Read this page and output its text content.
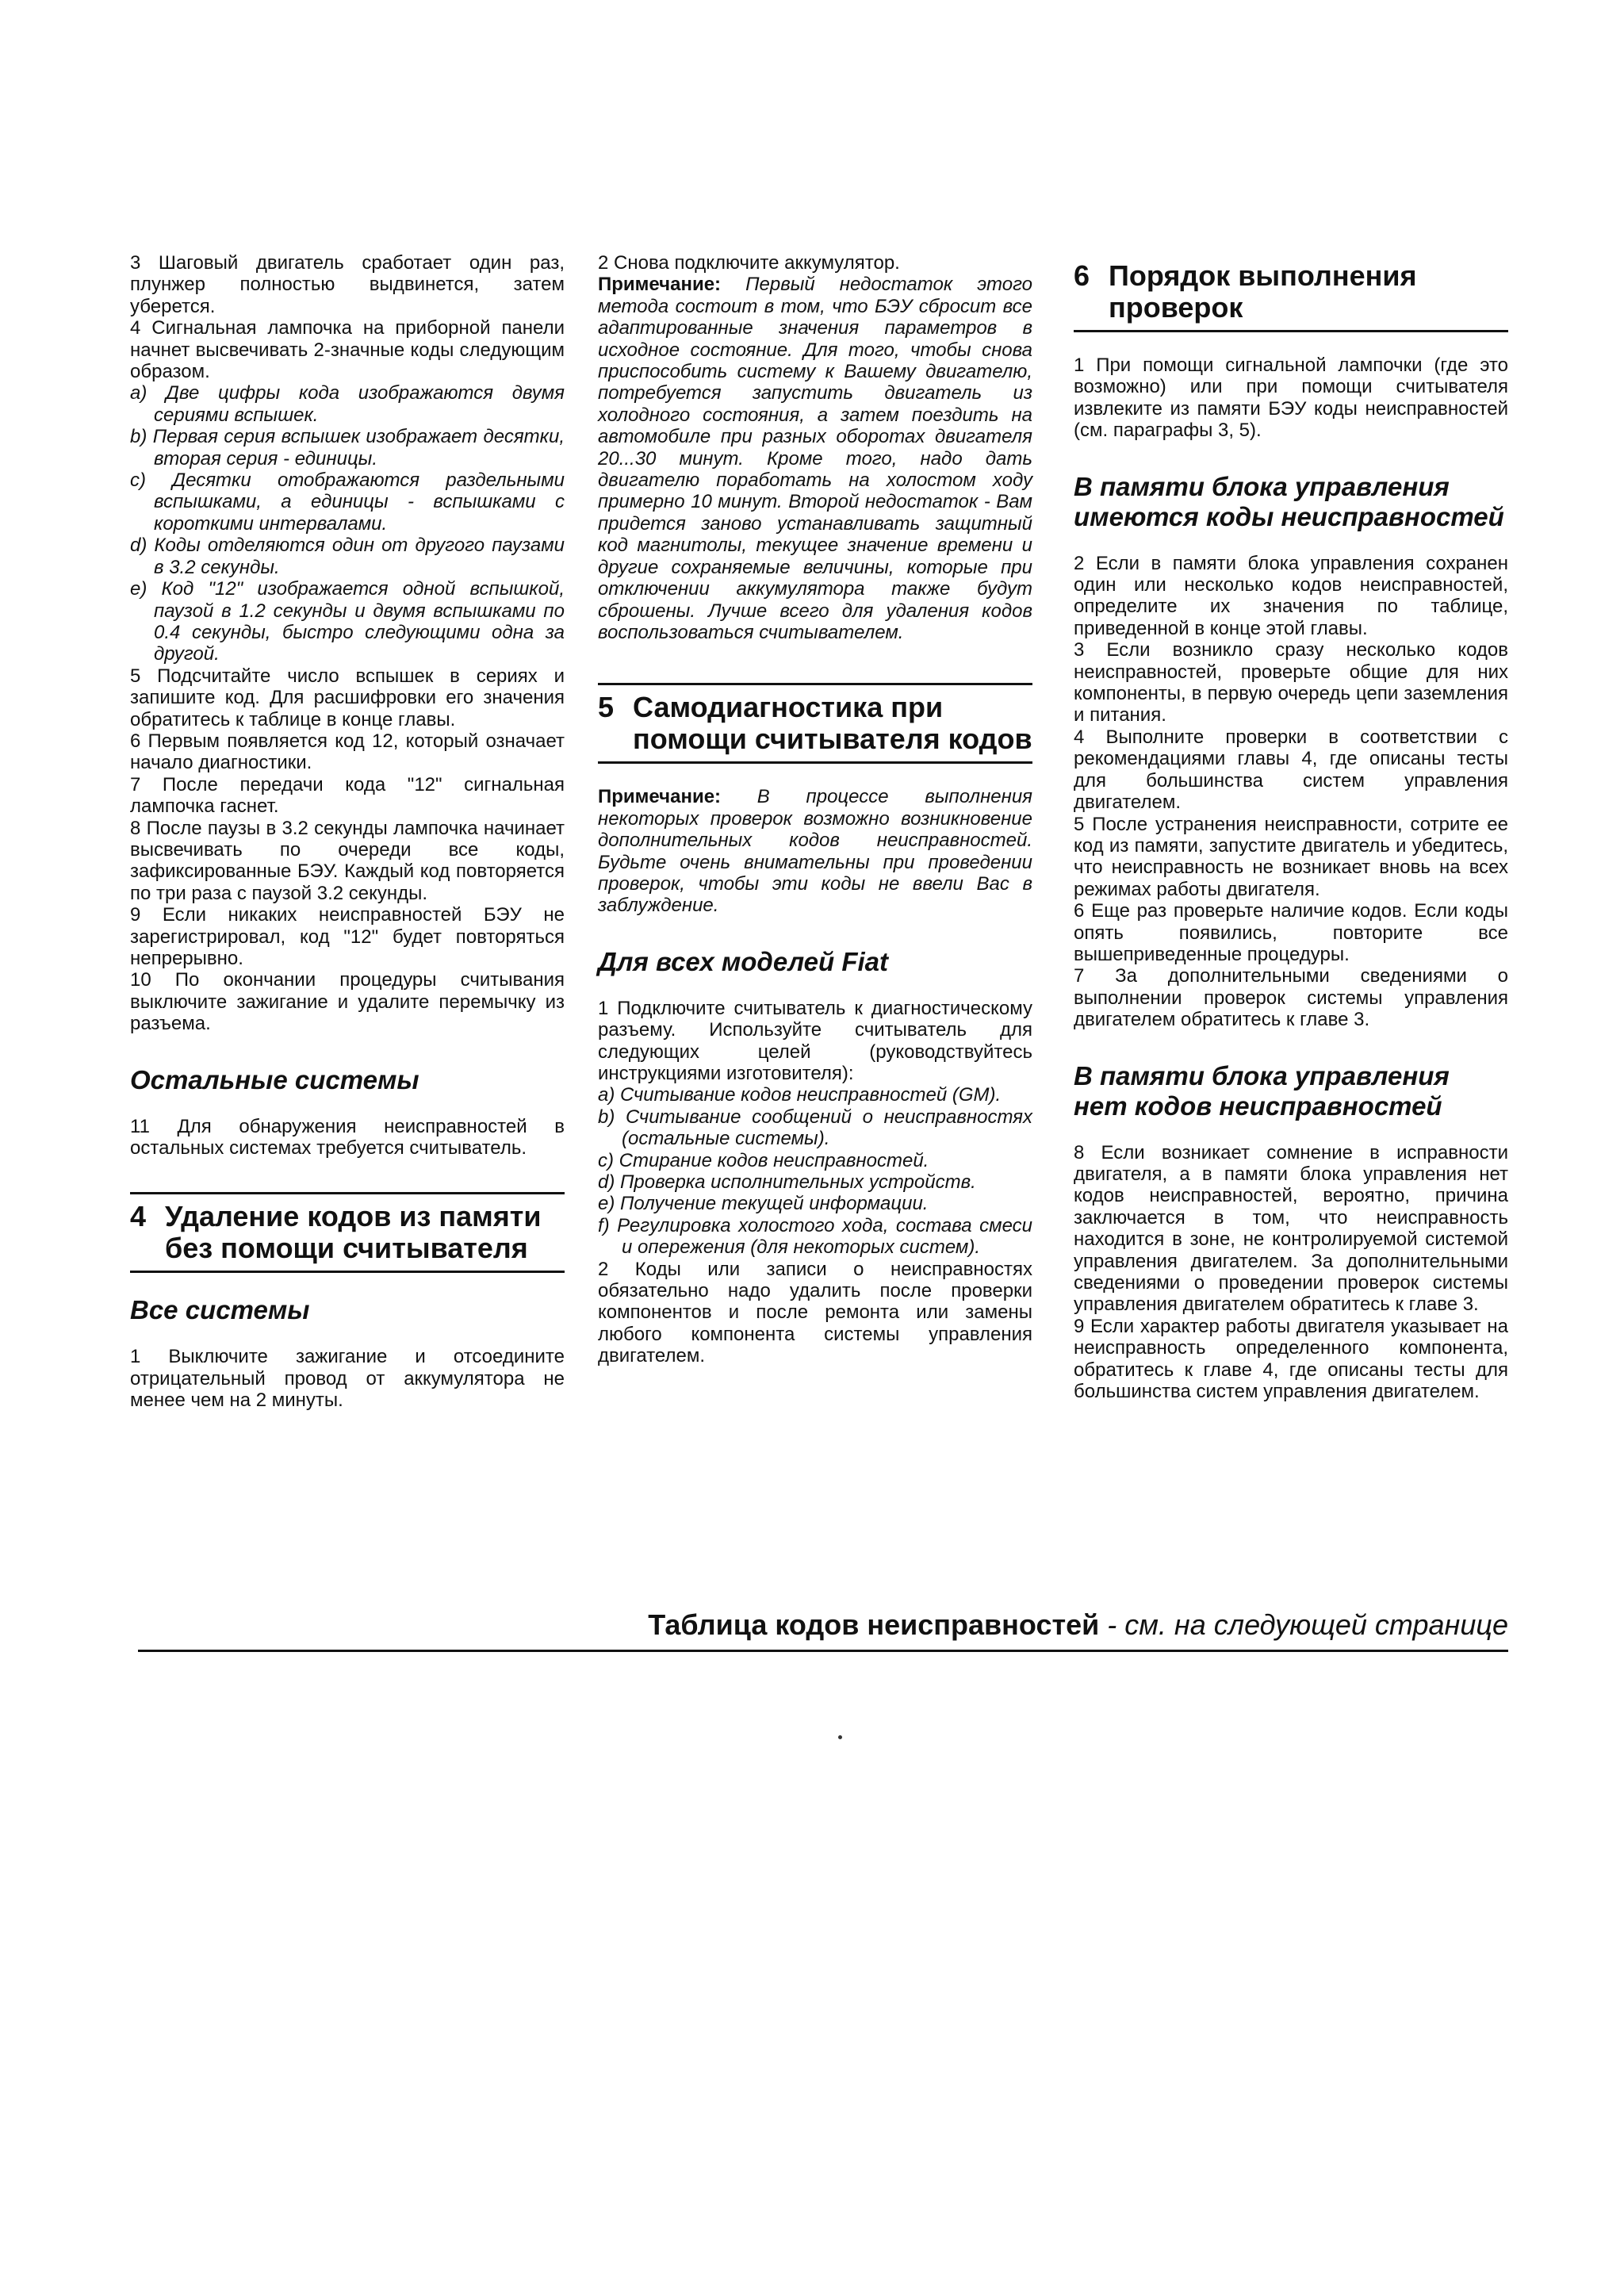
3 Шаговый двигатель сработает один раз, плунжер полностью выдвинется, затем уберется.

4 Сигнальная лампочка на приборной панели начнет высвечивать 2-значные коды следующим образом.

a) Две цифры кода изображаются двумя сериями вспышек.

b) Первая серия вспышек изображает десятки, вторая серия - единицы.

c) Десятки отображаются раздельными вспышками, а единицы - вспышками с короткими интервалами.

d) Коды отделяются один от другого паузами в 3.2 секунды.

e) Код "12" изображается одной вспышкой, паузой в 1.2 секунды и двумя вспышками по 0.4 секунды, быстро следующими одна за другой.

5 Подсчитайте число вспышек в сериях и запишите код. Для расшифровки его значения обратитесь к таблице в конце главы.

6 Первым появляется код 12, который означает начало диагностики.

7 После передачи кода "12" сигнальная лампочка гаснет.

8 После паузы в 3.2 секунды лампочка начинает высвечивать по очереди все коды, зафиксированные БЭУ. Каждый код повторяется по три раза с паузой 3.2 секунды.

9 Если никаких неисправностей БЭУ не зарегистрировал, код "12" будет повторяться непрерывно.

10 По окончании процедуры считывания выключите зажигание и удалите перемычку из разъема.

Остальные системы

11 Для обнаружения неисправностей в остальных системах требуется считыватель.

4 Удаление кодов из памяти без помощи считывателя
Все системы

1 Выключите зажигание и отсоедините отрицательный провод от аккумулятора не менее чем на 2 минуты.

2 Снова подключите аккумулятор.

Примечание: Первый недостаток этого метода состоит в том, что БЭУ сбросит все адаптированные значения параметров в исходное состояние. Для того, чтобы снова приспособить систему к Вашему двигателю, потребуется запустить двигатель из холодного состояния, а затем поездить на автомобиле при разных оборотах двигателя 20...30 минут. Кроме того, надо дать двигателю поработать на холостом ходу примерно 10 минут. Второй недостаток - Вам придется заново устанавливать защитный код магнитолы, текущее значение времени и другие сохраняемые величины, которые при отключении аккумулятора также будут сброшены. Лучше всего для удаления кодов воспользоваться считывателем.

5 Самодиагностика при помощи считывателя кодов

Примечание: В процессе выполнения некоторых проверок возможно возникновение дополнительных кодов неисправностей. Будьте очень внимательны при проведении проверок, чтобы эти коды не ввели Вас в заблуждение.

Для всех моделей Fiat

1 Подключите считыватель к диагностическому разъему. Используйте считыватель для следующих целей (руководствуйтесь инструкциями изготовителя):

a) Считывание кодов неисправностей (GM).

b) Считывание сообщений о неисправностях (остальные системы).

c) Стирание кодов неисправностей.

d) Проверка исполнительных устройств.

e) Получение текущей информации.

f) Регулировка холостого хода, состава смеси и опережения (для некоторых систем).

2 Коды или записи о неисправностях обязательно надо удалить после проверки компонентов и после ремонта или замены любого компонента системы управления двигателем.

6 Порядок выполнения проверок

1 При помощи сигнальной лампочки (где это возможно) или при помощи считывателя извлеките из памяти БЭУ коды неисправностей (см. параграфы 3, 5).

В памяти блока управления имеются коды неисправностей

2 Если в памяти блока управления сохранен один или несколько кодов неисправностей, определите их значения по таблице, приведенной в конце этой главы.

3 Если возникло сразу несколько кодов неисправностей, проверьте общие для них компоненты, в первую очередь цепи заземления и питания.

4 Выполните проверки в соответствии с рекомендациями главы 4, где описаны тесты для большинства систем управления двигателем.

5 После устранения неисправности, сотрите ее код из памяти, запустите двигатель и убедитесь, что неисправность не возникает вновь на всех режимах работы двигателя.

6 Еще раз проверьте наличие кодов. Если коды опять появились, повторите все вышеприведенные процедуры.

7 За дополнительными сведениями о выполнении проверок системы управления двигателем обратитесь к главе 3.

В памяти блока управления нет кодов неисправностей

8 Если возникает сомнение в исправности двигателя, а в памяти блока управления нет кодов неисправностей, вероятно, причина заключается в том, что неисправность находится в зоне, не контролируемой системой управления двигателем. За дополнительными сведениями о проведении проверок системы управления двигателем обратитесь к главе 3.

9 Если характер работы двигателя указывает на неисправность определенного компонента, обратитесь к главе 4, где описаны тесты для большинства систем управления двигателем.

Таблица кодов неисправностей - см. на следующей странице
